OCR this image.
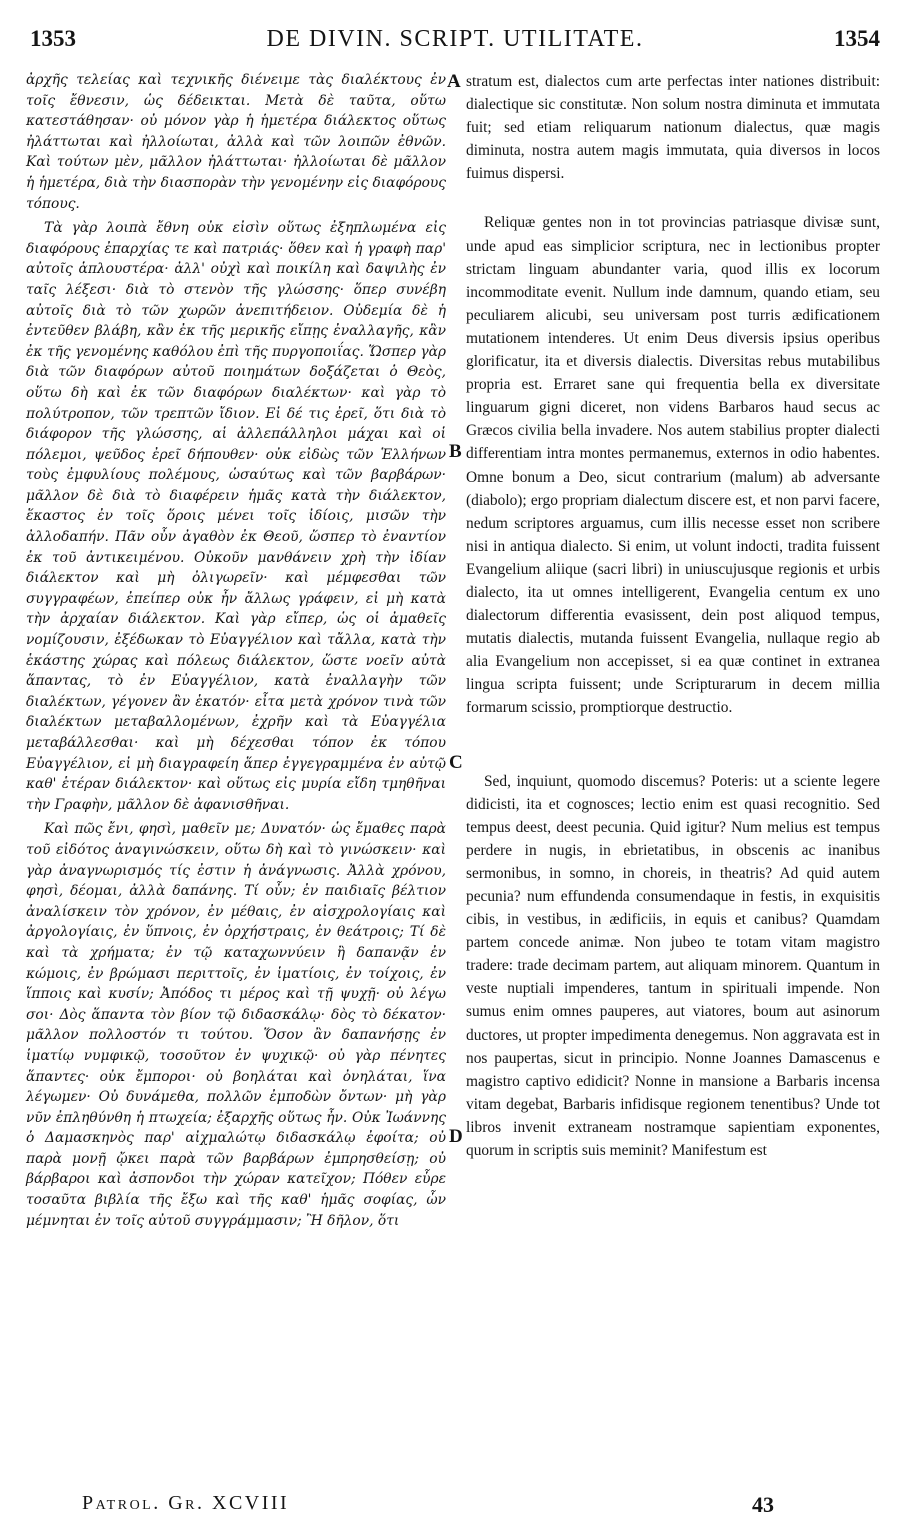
1353	DE DIVIN. SCRIPT. UTILITATE.	1354

ἀρχῆς τελείας καὶ τεχνικῆς διένειμε τὰς διαλέκτους ἐν τοῖς ἔθνεσιν, ὡς δέδεικται. Μετὰ δὲ ταῦτα, οὕτω κατεστάθησαν· οὐ μόνον γὰρ ἡ ἡμετέρα διάλεκτος οὕτως ἠλάττωται καὶ ἠλλοίωται, ἀλλὰ καὶ τῶν λοιπῶν ἐθνῶν. Καὶ τούτων μὲν, μᾶλλον ἠλάττωται· ἠλλοίωται δὲ μᾶλλον ἡ ἡμετέρα, διὰ τὴν διασπορὰν τὴν γενομένην εἰς διαφόρους τόπους.

Τὰ γὰρ λοιπὰ ἔθνη οὐκ εἰσὶν οὕτως ἐξηπλωμένα εἰς διαφόρους ἐπαρχίας τε καὶ πατριάς· ὅθεν καὶ ἡ γραφὴ παρ' αὐτοῖς ἁπλουστέρα· ἀλλ' οὐχὶ καὶ ποικίλη καὶ δαψιλὴς ἐν ταῖς λέξεσι· διὰ τὸ στενὸν τῆς γλώσσης· ὅπερ συνέβη αὐτοῖς διὰ τὸ τῶν χωρῶν ἀνεπιτήδειον. Οὐδεμία δὲ ἡ ἐντεῦθεν βλάβη, κἂν ἐκ τῆς μερικῆς εἴπῃς ἐναλλαγῆς, κἂν ἐκ τῆς γενομένης καθόλου ἐπὶ τῆς πυργοποιΐας. Ὥσπερ γὰρ διὰ τῶν διαφόρων αὐτοῦ ποιημάτων δοξάζεται ὁ Θεὸς, οὕτω δὴ καὶ ἐκ τῶν διαφόρων διαλέκτων· καὶ γὰρ τὸ πολύτροπον, τῶν τρεπτῶν ἴδιον. Εἰ δέ τις ἐρεῖ, ὅτι διὰ τὸ διάφορον τῆς γλώσσης, αἱ ἀλλεπάλληλοι μάχαι καὶ οἱ πόλεμοι, ψεῦδος ἐρεῖ δήπουθεν· οὐκ εἰδὼς τῶν Ἑλλήνων τοὺς ἐμφυλίους πολέμους, ὡσαύτως καὶ τῶν βαρβάρων· μᾶλλον δὲ διὰ τὸ διαφέρειν ἡμᾶς κατὰ τὴν διάλεκτον, ἕκαστος ἐν τοῖς ὅροις μένει τοῖς ἰδίοις, μισῶν τὴν ἀλλοδαπήν. Πᾶν οὖν ἀγαθὸν ἐκ Θεοῦ, ὥσπερ τὸ ἐναντίον ἐκ τοῦ ἀντικειμένου. Οὐκοῦν μανθάνειν χρὴ τὴν ἰδίαν διάλεκτον καὶ μὴ ὀλιγωρεῖν· καὶ μέμφεσθαι τῶν συγγραφέων, ἐπείπερ οὐκ ἦν ἄλλως γράφειν, εἰ μὴ κατὰ τὴν ἀρχαίαν διάλεκτον. Καὶ γὰρ εἴπερ, ὡς οἱ ἀμαθεῖς νομίζουσιν, ἐξέδωκαν τὸ Εὐαγγέλιον καὶ τἄλλα, κατὰ τὴν ἑκάστης χώρας καὶ πόλεως διάλεκτον, ὥστε νοεῖν αὐτὰ ἅπαντας, τὸ ἐν Εὐαγγέλιον, κατὰ ἐναλλαγὴν τῶν διαλέκτων, γέγονεν ἂν ἑκατόν· εἶτα μετὰ χρόνον τινὰ τῶν διαλέκτων μεταβαλλομένων, ἐχρῆν καὶ τὰ Εὐαγγέλια μεταβάλλεσθαι· καὶ μὴ δέχεσθαι τόπον ἐκ τόπου Εὐαγγέλιον, εἰ μὴ διαγραφείη ἅπερ ἐγγεγραμμένα ἐν αὐτῷ καθ' ἑτέραν διάλεκτον· καὶ οὕτως εἰς μυρία εἴδη τμηθῆναι τὴν Γραφὴν, μᾶλλον δὲ ἀφανισθῆναι.

Καὶ πῶς ἔνι, φησὶ, μαθεῖν με; Δυνατόν· ὡς ἔμαθες παρὰ τοῦ εἰδότος ἀναγινώσκειν, οὕτω δὴ καὶ τὸ γινώσκειν· καὶ γὰρ ἀναγνωρισμός τίς ἐστιν ἡ ἀνάγνωσις. Ἀλλὰ χρόνου, φησὶ, δέομαι, ἀλλὰ δαπάνης. Τί οὖν; ἐν παιδιαῖς βέλτιον ἀναλίσκειν τὸν χρόνον, ἐν μέθαις, ἐν αἰσχρολογίαις καὶ ἀργολογίαις, ἐν ὕπνοις, ἐν ὀρχήστραις, ἐν θεάτροις; Τί δὲ καὶ τὰ χρήματα; ἐν τῷ καταχωννύειν ἢ δαπανᾷν ἐν κώμοις, ἐν βρώμασι περιττοῖς, ἐν ἱματίοις, ἐν τοίχοις, ἐν ἵπποις καὶ κυσίν; Ἀπόδος τι μέρος καὶ τῇ ψυχῇ· οὐ λέγω σοι· Δὸς ἅπαντα τὸν βίον τῷ διδασκάλῳ· δὸς τὸ δέκατον· μᾶλλον πολλοστόν τι τούτου. Ὅσον ἂν δαπανήσῃς ἐν ἱματίῳ νυμφικῷ, τοσοῦτον ἐν ψυχικῷ· οὐ γὰρ πένητες ἅπαντες· οὐκ ἔμποροι· οὐ βοηλάται καὶ ὀνηλάται, ἵνα λέγωμεν· Οὐ δυνάμεθα, πολλῶν ἐμποδὼν ὄντων· μὴ γὰρ νῦν ἐπληθύνθη ἡ πτωχεία; ἐξαρχῆς οὕτως ἦν. Οὐκ Ἰωάννης ὁ Δαμασκηνὸς παρ' αἰχμαλώτῳ διδασκάλῳ ἐφοίτα; οὐ παρὰ μονῇ ᾤκει παρὰ τῶν βαρβάρων ἐμπρησθείσῃ; οὐ βάρβαροι καὶ ἀσπονδοι τὴν χώραν κατεῖχον; Πόθεν εὗρε τοσαῦτα βιβλία τῆς ἔξω καὶ τῆς καθ' ἡμᾶς σοφίας, ὧν μέμνηται ἐν τοῖς αὐτοῦ συγγράμμασιν; Ἢ δῆλον, ὅτι

A
B
C
D

stratum est, dialectos cum arte perfectas inter nationes distribuit: dialectique sic constitutæ. Non solum nostra diminuta et immutata fuit; sed etiam reliquarum nationum dialectus, quæ magis diminuta, nostra autem magis immutata, quia diversos in locos fuimus dispersi.

Reliquæ gentes non in tot provincias patriasque divisæ sunt, unde apud eas simplicior scriptura, nec in lectionibus propter strictam linguam abundanter varia, quod illis ex locorum incommoditate evenit. Nullum inde damnum, quando etiam, seu peculiarem alicubi, seu universam post turris ædificationem mutationem intenderes. Ut enim Deus diversis ipsius operibus glorificatur, ita et diversis dialectis. Diversitas rebus mutabilibus propria est. Erraret sane qui frequentia bella ex diversitate linguarum gigni diceret, non videns Barbaros haud secus ac Græcos civilia bella invadere. Nos autem stabilius propter dialecti differentiam intra montes permanemus, externos in odio habentes. Omne bonum a Deo, sicut contrarium (malum) ab adversante (diabolo); ergo propriam dialectum discere est, et non parvi facere, nedum scriptores arguamus, cum illis necesse esset non scribere nisi in antiqua dialecto. Si enim, ut volunt indocti, tradita fuissent Evangelium aliique (sacri libri) in uniuscujusque regionis et urbis dialecto, ita ut omnes intelligerent, Evangelia centum ex uno dialectorum differentia evasissent, dein post aliquod tempus, mutatis dialectis, mutanda fuissent Evangelia, nullaque regio ab alia Evangelium non accepisset, si ea quæ continet in extranea lingua scripta fuissent; unde Scripturarum in decem millia formarum scissio, promptiorque destructio.

Sed, inquiunt, quomodo discemus? Poteris: ut a sciente legere didicisti, ita et cognosces; lectio enim est quasi recognitio. Sed tempus deest, deest pecunia. Quid igitur? Num melius est tempus perdere in nugis, in ebrietatibus, in obscenis ac inanibus sermonibus, in somno, in choreis, in theatris? Ad quid autem pecunia? num effundenda consumendaque in festis, in exquisitis cibis, in vestibus, in ædificiis, in equis et canibus? Quamdam partem concede animæ. Non jubeo te totam vitam magistro tradere: trade decimam partem, aut aliquam minorem. Quantum in veste nuptiali impenderes, tantum in spirituali impende. Non sumus enim omnes pauperes, aut viatores, boum aut asinorum ductores, ut propter impedimenta denegemus. Non aggravata est in nos paupertas, sicut in principio. Nonne Joannes Damascenus e magistro captivo edidicit? Nonne in mansione a Barbaris incensa vitam degebat, Barbaris infidisque regionem tenentibus? Unde tot libros invenit extraneam nostramque sapientiam exponentes, quorum in scriptis suis meminit? Manifestum est

Patrol. Gr. XCVIII	43
